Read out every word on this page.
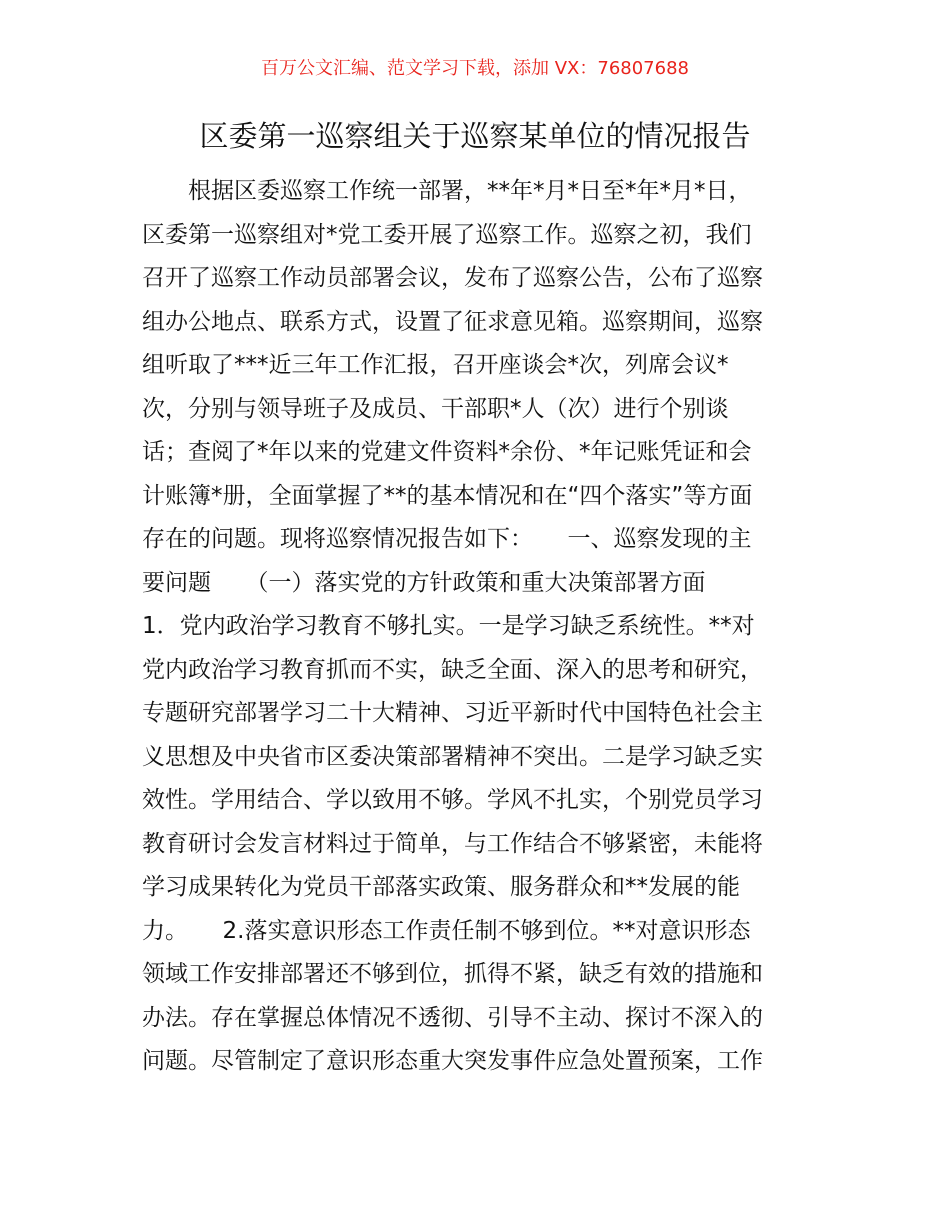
百万公文汇编、范文学习下载，添加 VX：76807688
区委第一巡察组关于巡察某单位的情况报告
根据区委巡察工作统一部署，**年*月*日至*年*月*日，
区委第一巡察组对*党工委开展了巡察工作。巡察之初，我们
召开了巡察工作动员部署会议，发布了巡察公告，公布了巡察
组办公地点、联系方式，设置了征求意见箱。巡察期间，巡察
组听取了***近三年工作汇报，召开座谈会*次，列席会议*
次，分别与领导班子及成员、干部职*人（次）进行个别谈
话；查阅了*年以来的党建文件资料*余份、*年记账凭证和会
计账簿*册，全面掌握了**的基本情况和在“四个落实”等方面
存在的问题。现将巡察情况报告如下：　　一、巡察发现的主
要问题　　（一）落实党的方针政策和重大决策部署方面
1．党内政治学习教育不够扎实。一是学习缺乏系统性。**对
党内政治学习教育抓而不实，缺乏全面、深入的思考和研究，
专题研究部署学习二十大精神、习近平新时代中国特色社会主
义思想及中央省市区委决策部署精神不突出。二是学习缺乏实
效性。学用结合、学以致用不够。学风不扎实，个别党员学习
教育研讨会发言材料过于简单，与工作结合不够紧密，未能将
学习成果转化为党员干部落实政策、服务群众和**发展的能
力。　　2.落实意识形态工作责任制不够到位。**对意识形态
领域工作安排部署还不够到位，抓得不紧，缺乏有效的措施和
办法。存在掌握总体情况不透彻、引导不主动、探讨不深入的
问题。尽管制定了意识形态重大突发事件应急处置预案，工作
